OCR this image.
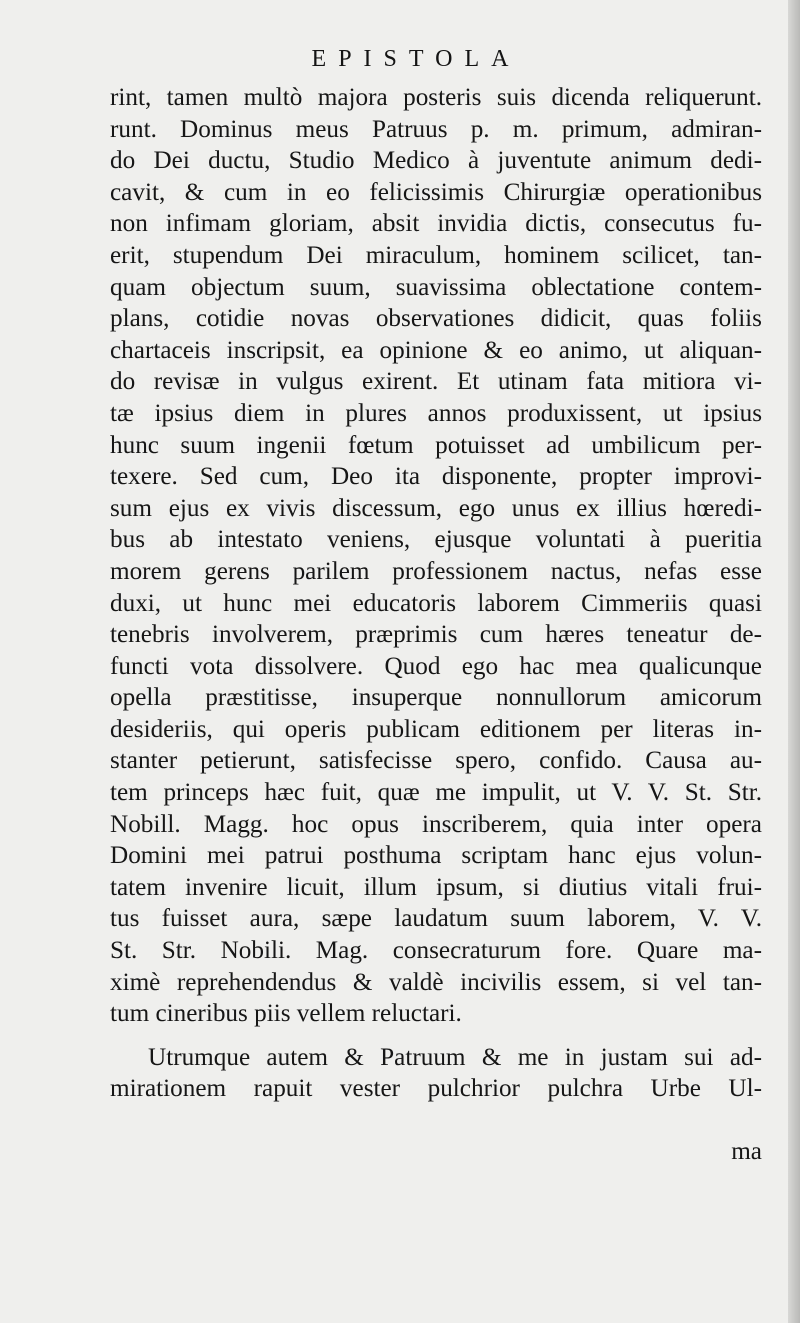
EPISTOLA
rint, tamen multò majora posteris suis dicenda reliquerunt.
runt. Dominus meus Patruus p. m. primum, admiran-
do Dei ductu, Studio Medico à juventute animum dedi-
cavit, & cum in eo felicissimis Chirurgiæ operationibus
non infimam gloriam, absit invidia dictis, consecutus fu-
erit, stupendum Dei miraculum, hominem scilicet, tan-
quam objectum suum, suavissima oblectatione contem-
plans, cotidie novas observationes didicit, quas foliis
chartaceis inscripsit, ea opinione & eo animo, ut aliquan-
do revisæ in vulgus exirent. Et utinam fata mitiora vi-
tæ ipsius diem in plures annos produxissent, ut ipsius
hunc suum ingenii fœtum potuisset ad umbilicum per-
texere. Sed cum, Deo ita disponente, propter improvi-
sum ejus ex vivis discessum, ego unus ex illius hœredi-
bus ab intestato veniens, ejusque voluntati à pueritia
morem gerens parilem professionem nactus, nefas esse
duxi, ut hunc mei educatoris laborem Cimmeriis quasi
tenebris involverem, præprimis cum hæres teneatur de-
functi vota dissolvere. Quod ego hac mea qualicunque
opella præstitisse, insuperque nonnullorum amicorum
desideriis, qui operis publicam editionem per literas in-
stanter petierunt, satisfecisse spero, confido. Causa au-
tem princeps hæc fuit, quæ me impulit, ut V. V. St. Str.
Nobill. Magg. hoc opus inscriberem, quia inter opera
Domini mei patrui posthuma scriptam hanc ejus volun-
tatem invenire licuit, illum ipsum, si diutius vitali frui-
tus fuisset aura, sæpe laudatum suum laborem, V. V.
St. Str. Nobili. Mag. consecraturum fore. Quare ma-
ximè reprehendendus & valdè incivilis essem, si vel tan-
tum cineribus piis vellem reluctari.
Utrumque autem & Patruum & me in justam sui ad-
mirationem rapuit vester pulchrior pulchra Urbe Ul-
ma
